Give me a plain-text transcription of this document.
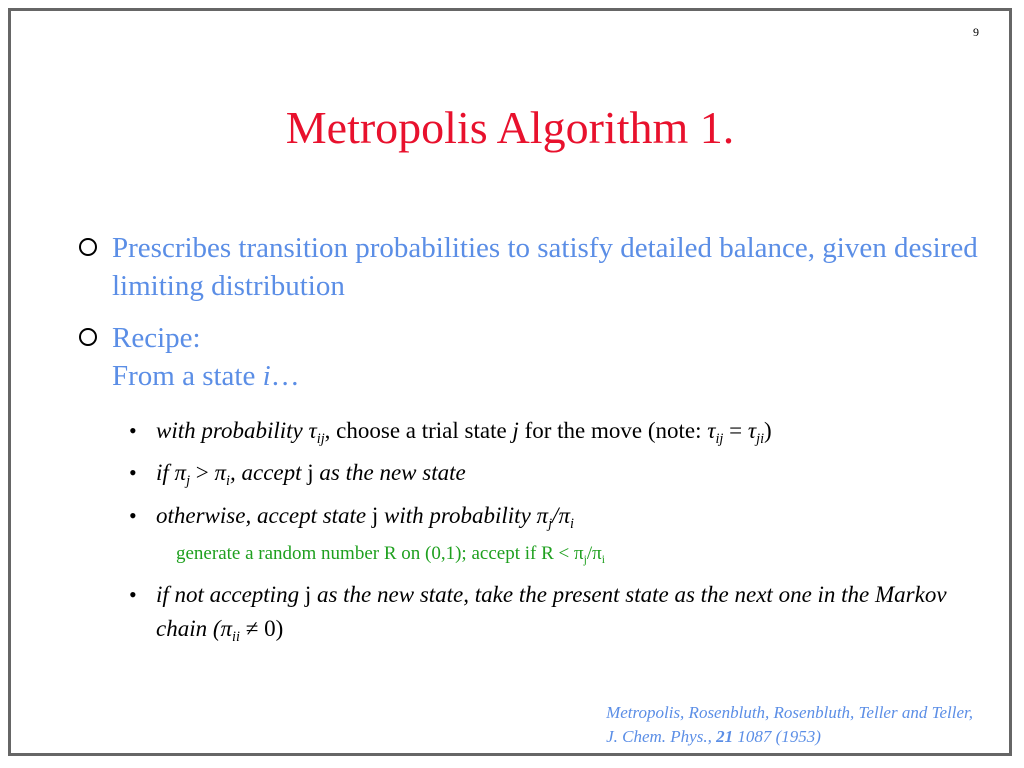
9
Metropolis Algorithm 1.
Prescribes transition probabilities to satisfy detailed balance, given desired limiting distribution
Recipe:
From a state i…
• with probability $\tau_{ij}$, choose a trial state j for the move (note: $\tau_{ij} = \tau_{ji}$)
• if $\pi_j > \pi_i$, accept j as the new state
• otherwise, accept state j with probability $\pi_j/\pi_i$
generate a random number R on (0,1); accept if $R < \pi_j/\pi_i$
• if not accepting j as the new state, take the present state as the next one in the Markov chain $(\pi_{ii} \ne 0)$
Metropolis, Rosenbluth, Rosenbluth, Teller and Teller,
J. Chem. Phys., 21 1087 (1953)
